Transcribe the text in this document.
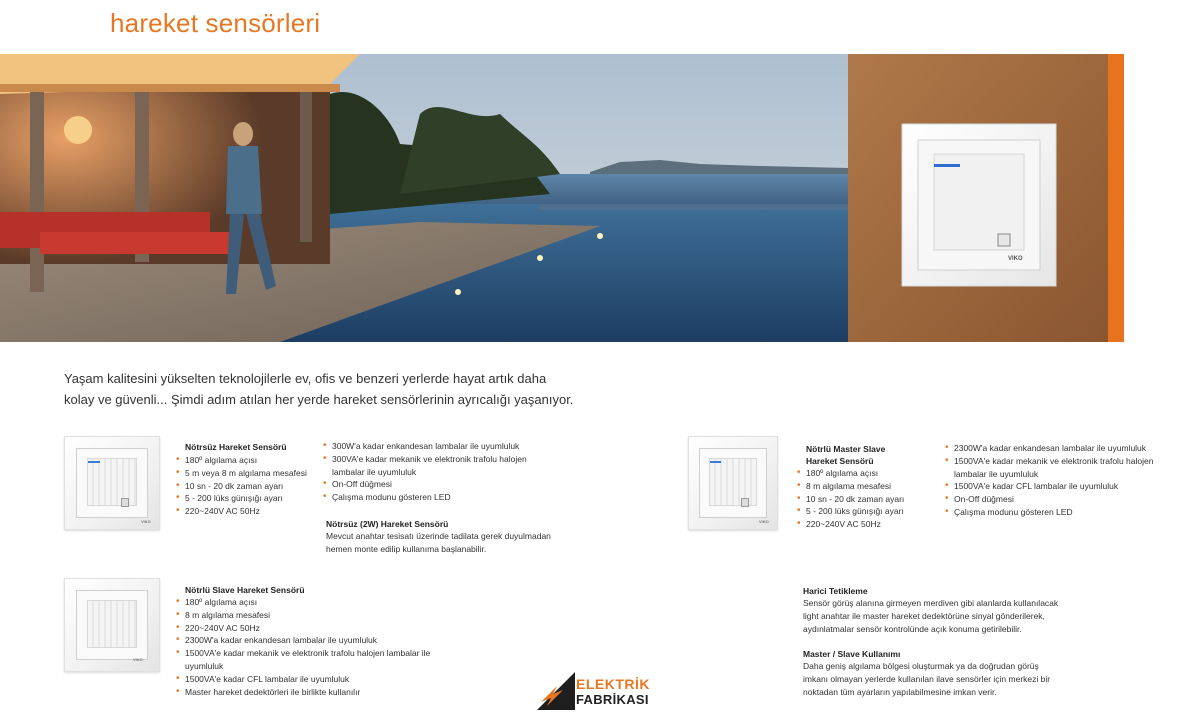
hareket sensörleri
VIKO
Yaşam kalitesini yükselten teknolojilerle ev, ofis ve benzeri yerlerde hayat artık daha
kolay ve güvenli... Şimdi adım atılan her yerde hareket sensörlerinin ayrıcalığı yaşanıyor.
VIKO
Nötrsüz Hareket Sensörü
• 180º algılama açısı
• 5 m veya 8 m algılama mesafesi
• 10 sn - 20 dk zaman ayarı
• 5 - 200 lüks günışığı ayarı
• 220~240V AC 50Hz
• 300W'a kadar enkandesan lambalar ile uyumluluk
• 300VA'e kadar mekanik ve elektronik trafolu halojen lambalar ile uyumluluk
• On-Off düğmesi
• Çalışma modunu gösteren LED
Nötrsüz (2W) Hareket Sensörü
Mevcut anahtar tesisatı üzerinde tadilata gerek duyulmadan
hemen monte edilip kullanıma başlanabilir.
VIKO
Nötrlü Master Slave
Hareket Sensörü
• 180º algılama açısı
• 8 m algılama mesafesi
• 10 sn - 20 dk zaman ayarı
• 5 - 200 lüks günışığı ayarı
• 220~240V AC 50Hz
• 2300W'a kadar enkandesan lambalar ile uyumluluk
• 1500VA'e kadar mekanik ve elektronik trafolu halojen lambalar ile uyumluluk
• 1500VA'e kadar CFL lambalar ile uyumluluk
• On-Off düğmesi
• Çalışma modunu gösteren LED
VIKO
Nötrlü Slave Hareket Sensörü
• 180º algılama açısı
• 8 m algılama mesafesi
• 220~240V AC 50Hz
• 2300W'a kadar enkandesan lambalar ile uyumluluk
• 1500VA'e kadar mekanik ve elektronik trafolu halojen lambalar ile uyumluluk
• 1500VA'e kadar CFL lambalar ile uyumluluk
• Master hareket dedektörleri ile birlikte kullanılır
Harici Tetikleme
Sensör görüş alanına girmeyen merdiven gibi alanlarda kullanılacak
light anahtar ile master hareket dedektörüne sinyal gönderilerek,
aydınlatmalar sensör kontrolünde açık konuma getirilebilir.
Master / Slave Kullanımı
Daha geniş algılama bölgesi oluşturmak ya da doğrudan görüş
imkanı olmayan yerlerde kullanılan ilave sensörler için merkezi bir
noktadan tüm ayarların yapılabilmesine imkan verir.
ELEKTRİK
FABRİKASI
